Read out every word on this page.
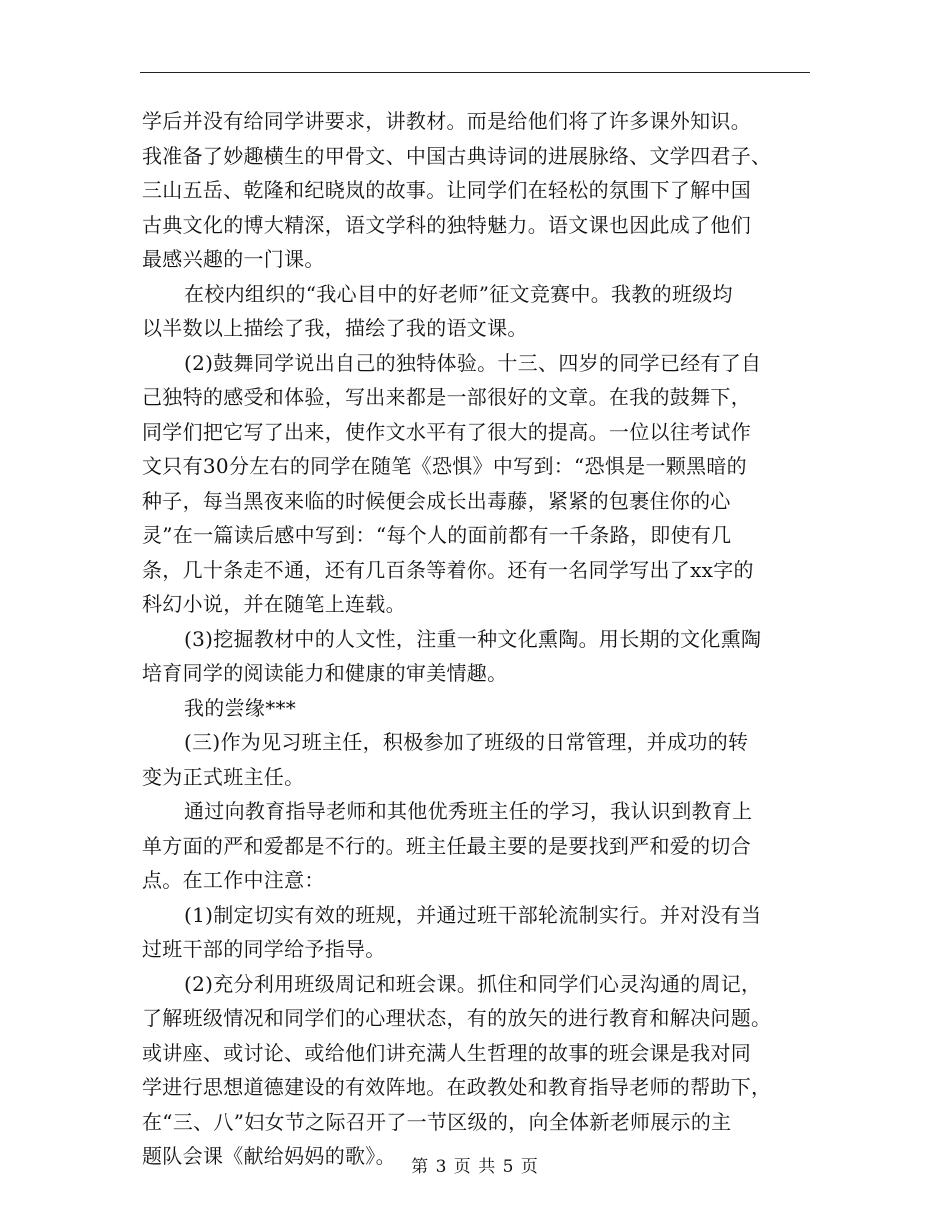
学后并没有给同学讲要求，讲教材。而是给他们将了许多课外知识。
我准备了妙趣横生的甲骨文、中国古典诗词的进展脉络、文学四君子、
三山五岳、乾隆和纪晓岚的故事。让同学们在轻松的氛围下了解中国
古典文化的博大精深，语文学科的独特魅力。语文课也因此成了他们
最感兴趣的一门课。
在校内组织的“我心目中的好老师”征文竞赛中。我教的班级均
以半数以上描绘了我，描绘了我的语文课。
(2)鼓舞同学说出自己的独特体验。十三、四岁的同学已经有了自
己独特的感受和体验，写出来都是一部很好的文章。在我的鼓舞下，
同学们把它写了出来，使作文水平有了很大的提高。一位以往考试作
文只有30分左右的同学在随笔《恐惧》中写到：“恐惧是一颗黑暗的
种子，每当黑夜来临的时候便会成长出毒藤，紧紧的包裹住你的心
灵”在一篇读后感中写到：“每个人的面前都有一千条路，即使有几
条，几十条走不通，还有几百条等着你。还有一名同学写出了xx字的
科幻小说，并在随笔上连载。
(3)挖掘教材中的人文性，注重一种文化熏陶。用长期的文化熏陶
培育同学的阅读能力和健康的审美情趣。
我的尝缘***
(三)作为见习班主任，积极参加了班级的日常管理，并成功的转
变为正式班主任。
通过向教育指导老师和其他优秀班主任的学习，我认识到教育上
单方面的严和爱都是不行的。班主任最主要的是要找到严和爱的切合
点。在工作中注意：
(1)制定切实有效的班规，并通过班干部轮流制实行。并对没有当
过班干部的同学给予指导。
(2)充分利用班级周记和班会课。抓住和同学们心灵沟通的周记，
了解班级情况和同学们的心理状态，有的放矢的进行教育和解决问题。
或讲座、或讨论、或给他们讲充满人生哲理的故事的班会课是我对同
学进行思想道德建设的有效阵地。在政教处和教育指导老师的帮助下，
在“三、八”妇女节之际召开了一节区级的，向全体新老师展示的主
题队会课《献给妈妈的歌》。 第 3 页 共 5 页
